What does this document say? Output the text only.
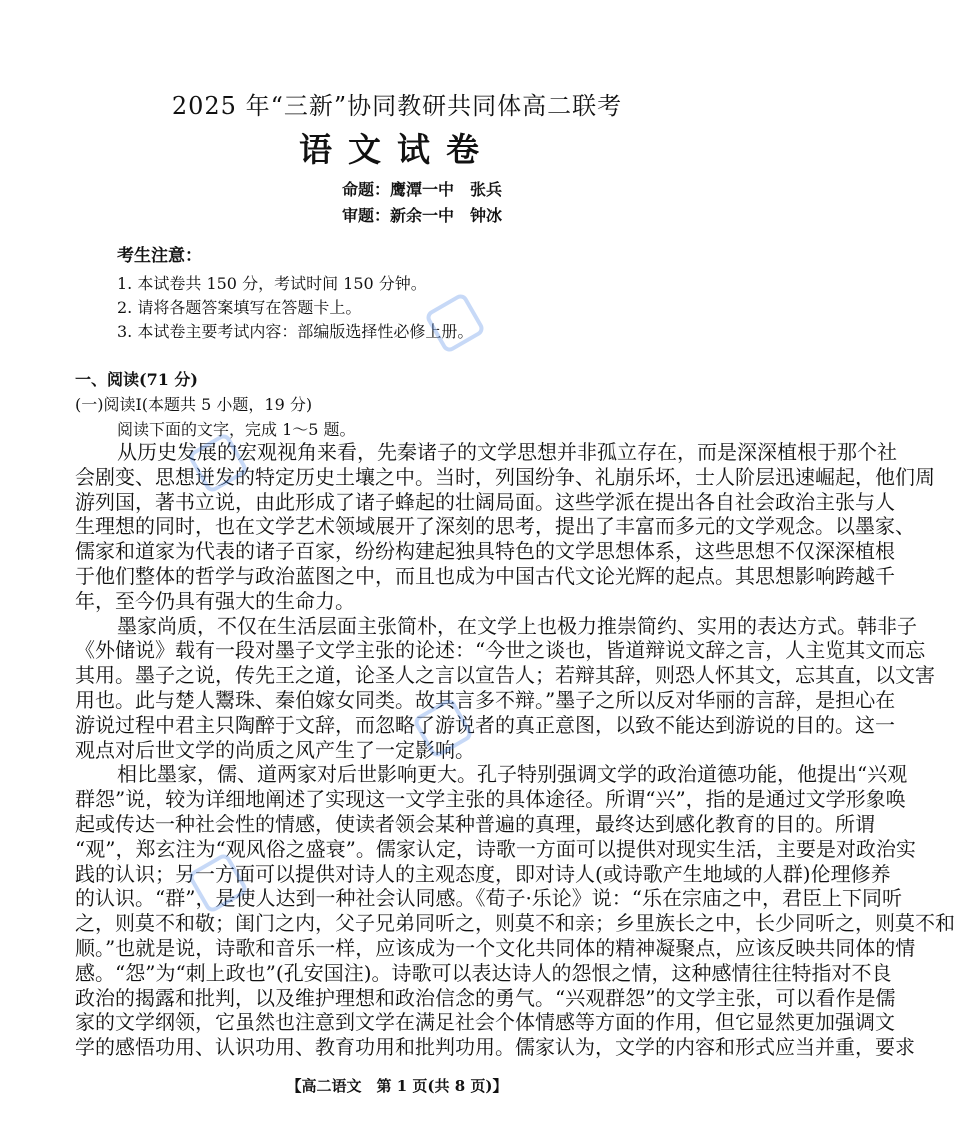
2025 年“三新”协同教研共同体高二联考
语文试卷
命题：鹰潭一中　张兵
审题：新余一中　钟冰
考生注意：
1. 本试卷共 150 分，考试时间 150 分钟。
2. 请将各题答案填写在答题卡上。
3. 本试卷主要考试内容：部编版选择性必修上册。
一、阅读(71 分)
(一)阅读Ⅰ(本题共 5 小题，19 分)
阅读下面的文字，完成 1～5 题。
从历史发展的宏观视角来看，先秦诸子的文学思想并非孤立存在，而是深深植根于那个社
会剧变、思想迸发的特定历史土壤之中。当时，列国纷争、礼崩乐坏，士人阶层迅速崛起，他们周
游列国，著书立说，由此形成了诸子蜂起的壮阔局面。这些学派在提出各自社会政治主张与人
生理想的同时，也在文学艺术领域展开了深刻的思考，提出了丰富而多元的文学观念。以墨家、
儒家和道家为代表的诸子百家，纷纷构建起独具特色的文学思想体系，这些思想不仅深深植根
于他们整体的哲学与政治蓝图之中，而且也成为中国古代文论光辉的起点。其思想影响跨越千
年，至今仍具有强大的生命力。
墨家尚质，不仅在生活层面主张简朴，在文学上也极力推崇简约、实用的表达方式。韩非子
《外储说》载有一段对墨子文学主张的论述：“今世之谈也，皆道辩说文辞之言，人主览其文而忘
其用。墨子之说，传先王之道，论圣人之言以宣告人；若辩其辞，则恐人怀其文，忘其直，以文害
用也。此与楚人鬻珠、秦伯嫁女同类。故其言多不辩。”墨子之所以反对华丽的言辞，是担心在
游说过程中君主只陶醉于文辞，而忽略了游说者的真正意图，以致不能达到游说的目的。这一
观点对后世文学的尚质之风产生了一定影响。
相比墨家，儒、道两家对后世影响更大。孔子特别强调文学的政治道德功能，他提出“兴观
群怨”说，较为详细地阐述了实现这一文学主张的具体途径。所谓“兴”，指的是通过文学形象唤
起或传达一种社会性的情感，使读者领会某种普遍的真理，最终达到感化教育的目的。所谓
“观”，郑玄注为“观风俗之盛衰”。儒家认定，诗歌一方面可以提供对现实生活，主要是对政治实
践的认识；另一方面可以提供对诗人的主观态度，即对诗人(或诗歌产生地域的人群)伦理修养
的认识。“群”，是使人达到一种社会认同感。《荀子·乐论》说：“乐在宗庙之中，君臣上下同听
之，则莫不和敬；闺门之内，父子兄弟同听之，则莫不和亲；乡里族长之中，长少同听之，则莫不和
顺。”也就是说，诗歌和音乐一样，应该成为一个文化共同体的精神凝聚点，应该反映共同体的情
感。“怨”为“刺上政也”(孔安国注)。诗歌可以表达诗人的怨恨之情，这种感情往往特指对不良
政治的揭露和批判，以及维护理想和政治信念的勇气。“兴观群怨”的文学主张，可以看作是儒
家的文学纲领，它虽然也注意到文学在满足社会个体情感等方面的作用，但它显然更加强调文
学的感悟功用、认识功用、教育功用和批判功用。儒家认为，文学的内容和形式应当并重，要求
【高二语文　第 1 页(共 8 页)】
⁠
